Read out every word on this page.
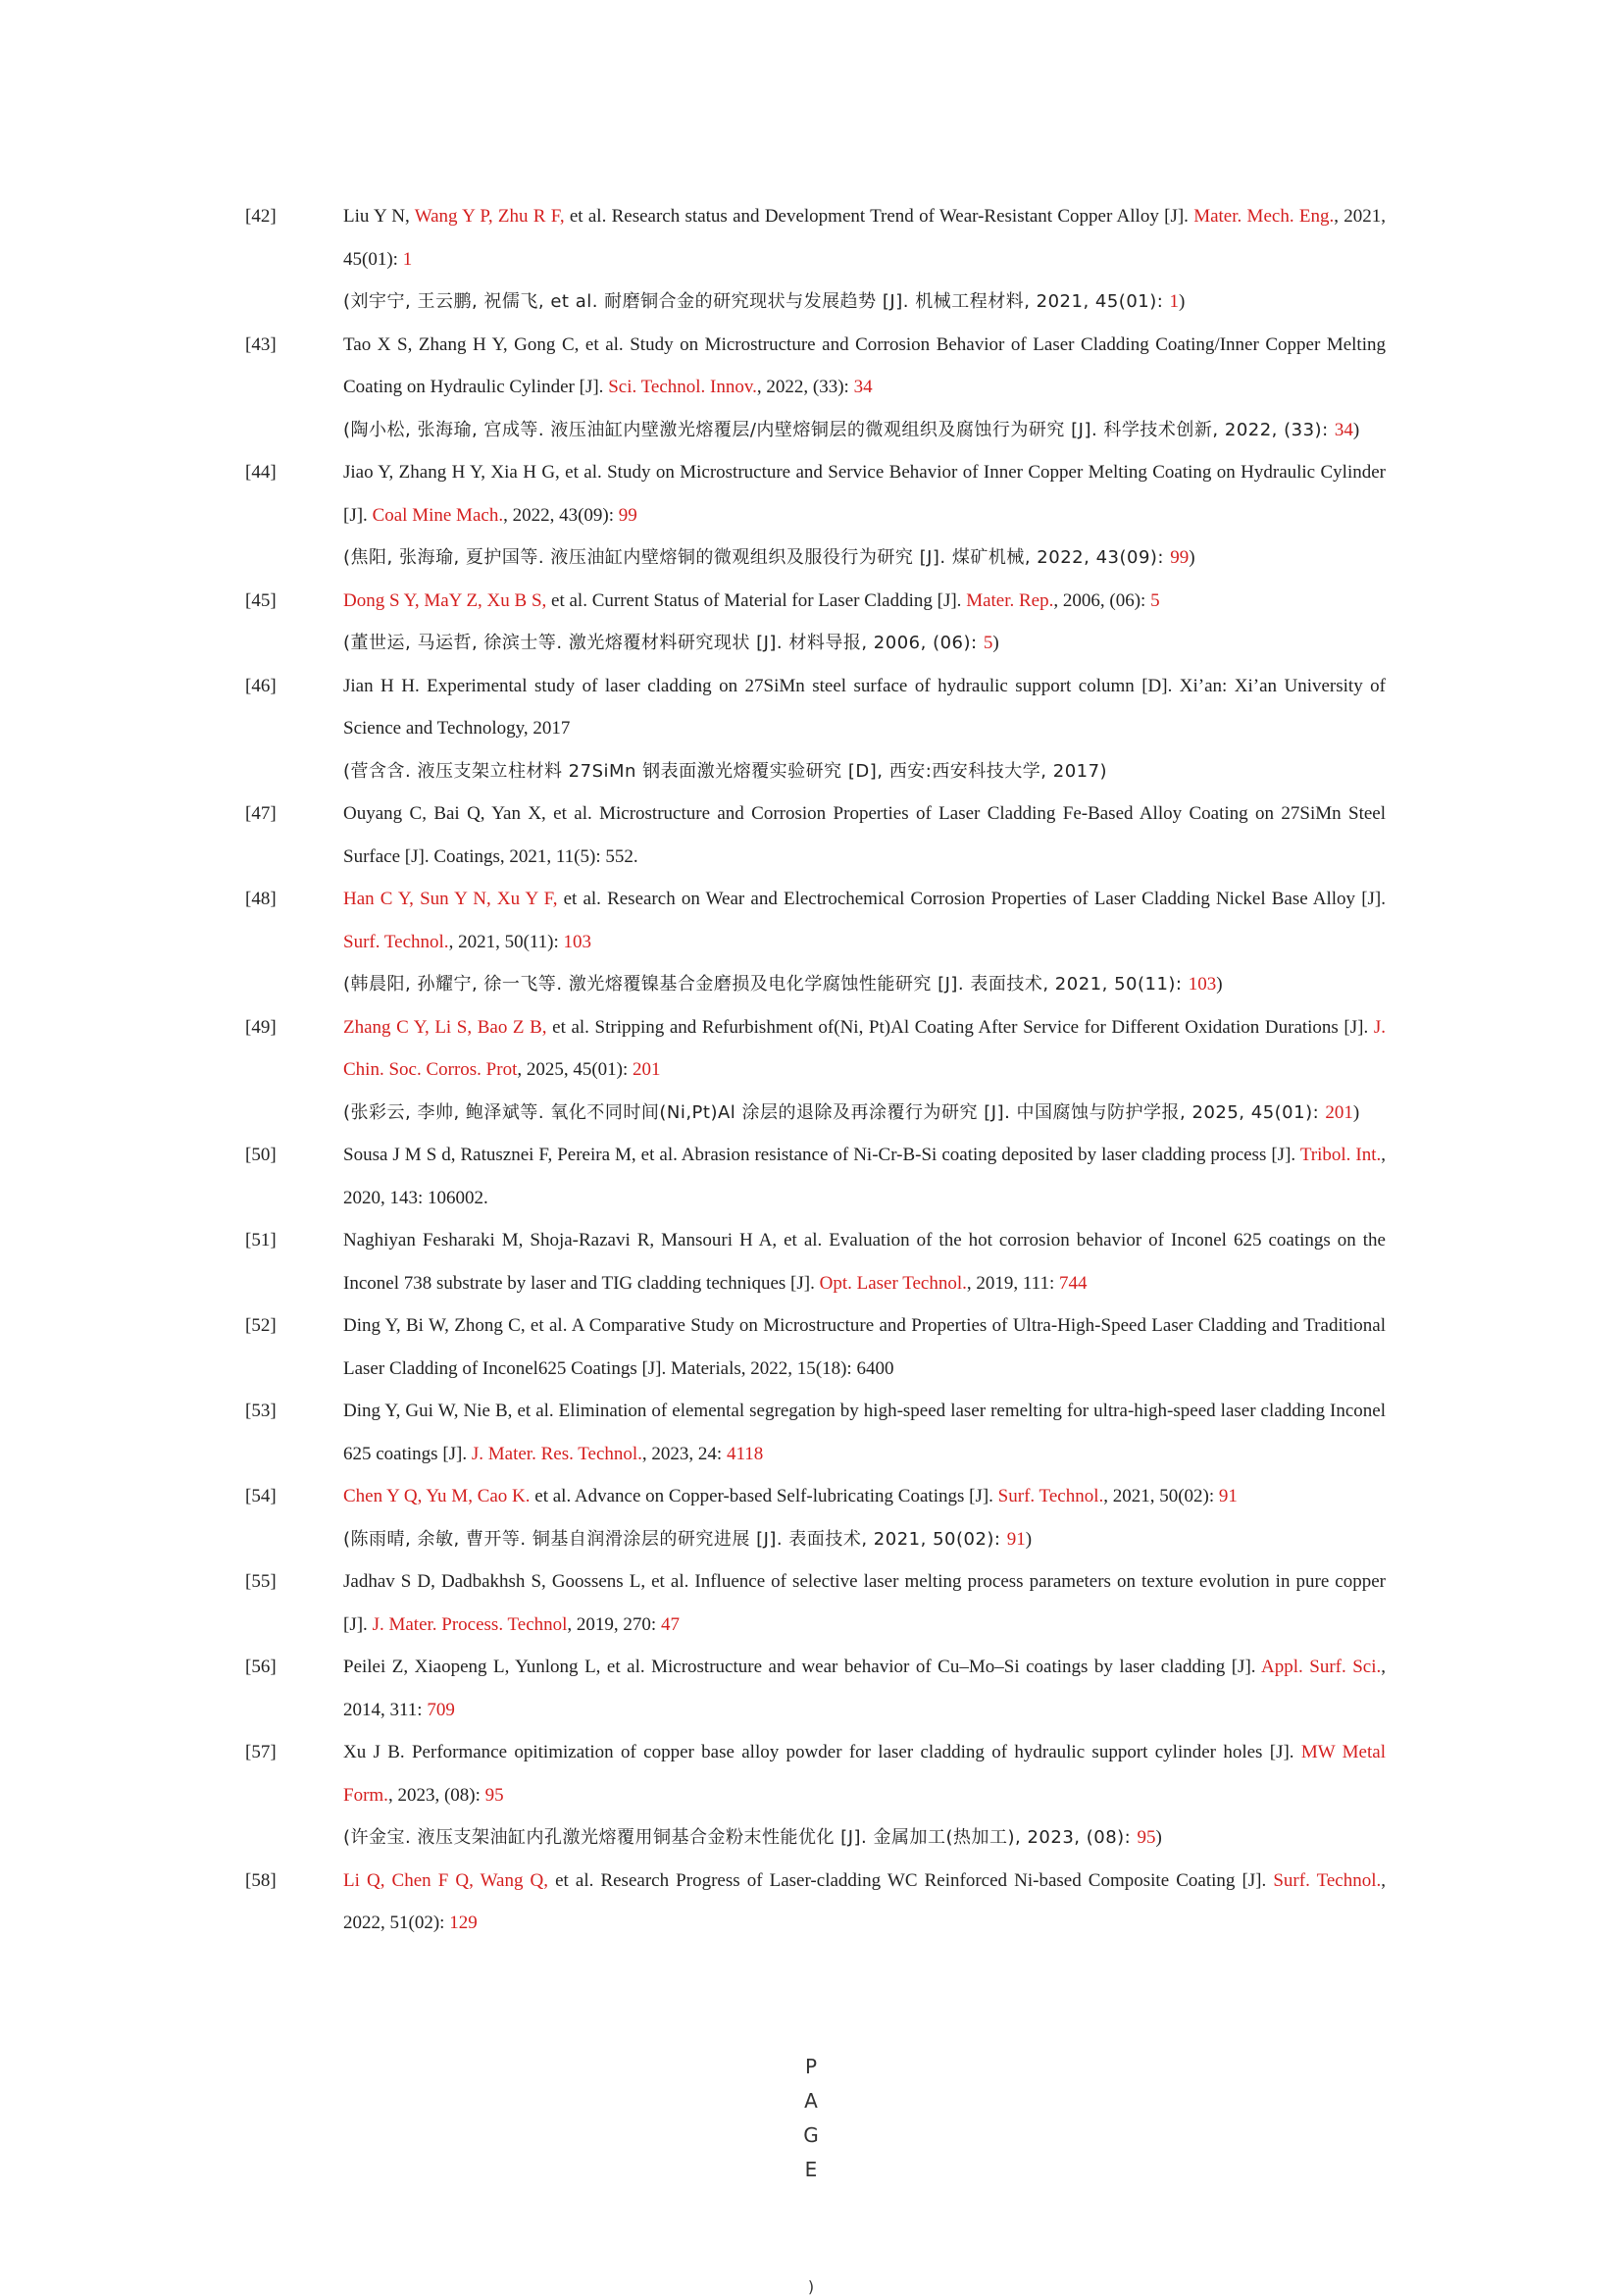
[42]	Liu Y N, Wang Y P, Zhu R F, et al. Research status and Development Trend of Wear-Resistant Copper Alloy [J]. Mater. Mech. Eng., 2021, 45(01): 1
(刘宇宁, 王云鹏, 祝儒飞, et al. 耐磨铜合金的研究现状与发展趋势 [J]. 机械工程材料, 2021, 45(01): 1)
[43]	Tao X S, Zhang H Y, Gong C, et al. Study on Microstructure and Corrosion Behavior of Laser Cladding Coating/Inner Copper Melting Coating on Hydraulic Cylinder [J]. Sci. Technol. Innov., 2022, (33): 34
(陶小松, 张海瑜, 宫成等. 液压油缸内壁激光熔覆层/内壁熔铜层的微观组织及腐蚀行为研究 [J]. 科学技术创新, 2022, (33): 34)
[44]	Jiao Y, Zhang H Y, Xia H G, et al. Study on Microstructure and Service Behavior of Inner Copper Melting Coating on Hydraulic Cylinder [J]. Coal Mine Mach., 2022, 43(09): 99
(焦阳, 张海瑜, 夏护国等. 液压油缸内壁熔铜的微观组织及服役行为研究 [J]. 煤矿机械, 2022, 43(09): 99)
[45]	Dong S Y, MaY Z, Xu B S, et al. Current Status of Material for Laser Cladding [J]. Mater. Rep., 2006, (06): 5
(董世运, 马运哲, 徐滨士等. 激光熔覆材料研究现状 [J]. 材料导报, 2006, (06): 5)
[46]	Jian H H. Experimental study of laser cladding on 27SiMn steel surface of hydraulic support column [D]. Xi’an: Xi’an University of Science and Technology, 2017
(菅含含. 液压支架立柱材料 27SiMn 钢表面激光熔覆实验研究 [D], 西安:西安科技大学, 2017)
[47]	Ouyang C, Bai Q, Yan X, et al. Microstructure and Corrosion Properties of Laser Cladding Fe-Based Alloy Coating on 27SiMn Steel Surface [J]. Coatings, 2021, 11(5): 552.
[48]	Han C Y, Sun Y N, Xu Y F, et al. Research on Wear and Electrochemical Corrosion Properties of Laser Cladding Nickel Base Alloy [J]. Surf. Technol., 2021, 50(11): 103
(韩晨阳, 孙耀宁, 徐一飞等. 激光熔覆镍基合金磨损及电化学腐蚀性能研究 [J]. 表面技术, 2021, 50(11): 103)
[49]	Zhang C Y, Li S, Bao Z B, et al. Stripping and Refurbishment of(Ni, Pt)Al Coating After Service for Different Oxidation Durations [J]. J. Chin. Soc. Corros. Prot, 2025, 45(01): 201
(张彩云, 李帅, 鲍泽斌等. 氧化不同时间(Ni,Pt)Al 涂层的退除及再涂覆行为研究 [J]. 中国腐蚀与防护学报, 2025, 45(01): 201)
[50]	Sousa J M S d, Ratusznei F, Pereira M, et al. Abrasion resistance of Ni-Cr-B-Si coating deposited by laser cladding process [J]. Tribol. Int., 2020, 143: 106002.
[51]	Naghiyan Fesharaki M, Shoja-Razavi R, Mansouri H A, et al. Evaluation of the hot corrosion behavior of Inconel 625 coatings on the Inconel 738 substrate by laser and TIG cladding techniques [J]. Opt. Laser Technol., 2019, 111: 744
[52]	Ding Y, Bi W, Zhong C, et al. A Comparative Study on Microstructure and Properties of Ultra-High-Speed Laser Cladding and Traditional Laser Cladding of Inconel625 Coatings [J]. Materials, 2022, 15(18): 6400
[53]	Ding Y, Gui W, Nie B, et al. Elimination of elemental segregation by high-speed laser remelting for ultra-high-speed laser cladding Inconel 625 coatings [J]. J. Mater. Res. Technol., 2023, 24: 4118
[54]	Chen Y Q, Yu M, Cao K. et al. Advance on Copper-based Self-lubricating Coatings [J]. Surf. Technol., 2021, 50(02): 91
(陈雨晴, 余敏, 曹开等. 铜基自润滑涂层的研究进展 [J]. 表面技术, 2021, 50(02): 91)
[55]	Jadhav S D, Dadbakhsh S, Goossens L, et al. Influence of selective laser melting process parameters on texture evolution in pure copper [J]. J. Mater. Process. Technol, 2019, 270: 47
[56]	Peilei Z, Xiaopeng L, Yunlong L, et al. Microstructure and wear behavior of Cu–Mo–Si coatings by laser cladding [J]. Appl. Surf. Sci., 2014, 311: 709
[57]	Xu J B. Performance opitimization of copper base alloy powder for laser cladding of hydraulic support cylinder holes [J]. MW Metal Form., 2023, (08): 95
(许金宝. 液压支架油缸内孔激光熔覆用铜基合金粉末性能优化 [J]. 金属加工(热加工), 2023, (08): 95)
[58]	Li Q, Chen F Q, Wang Q, et al. Research Progress of Laser-cladding WC Reinforced Ni-based Composite Coating [J]. Surf. Technol., 2022, 51(02): 129
P
A
G
E
)
